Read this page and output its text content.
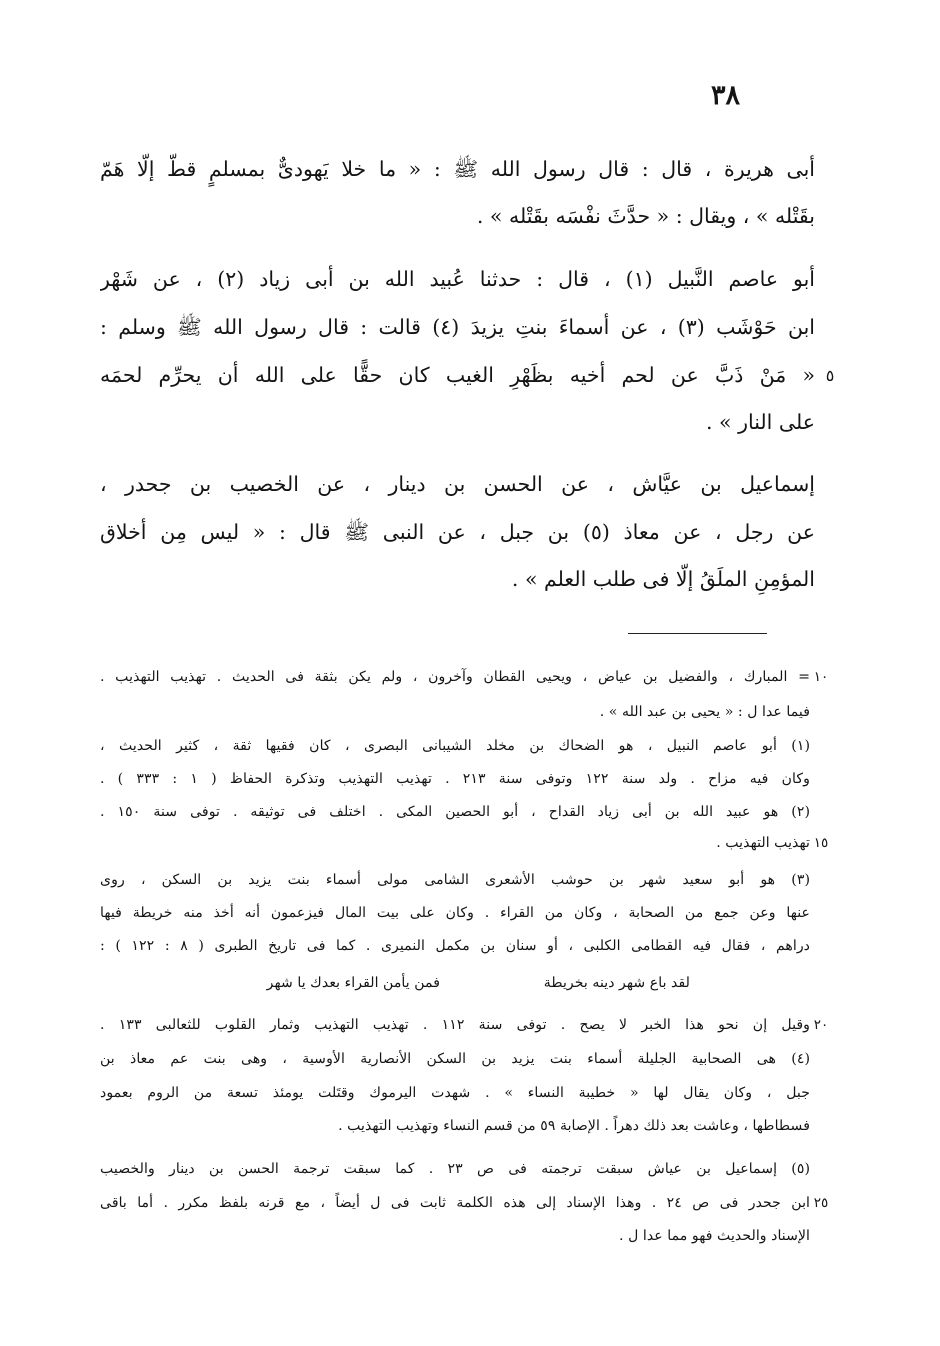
٣٨
أبى هريرة ، قال : قال رسول الله ﷺ : « ما خلا يَهودىٌّ بمسلمٍ قطّ إلّا هَمّ
بقَتْله » ، ويقال : « حدَّثَ نفْسَه بقَتْله » .
أبو عاصم النَّبيل (١) ، قال : حدثنا عُبيد الله بن أبى زياد (٢) ، عن شَهْر
ابن حَوْشَب (٣) ، عن أسماءَ بنتِ يزيدَ (٤) قالت : قال رسول الله ﷺ وسلم :
« مَنْ ذَبَّ عن لحم أخيه بظَهْرِ الغيب كان حقًّا على الله أن يحرِّم لحمَه
على النار » .
إسماعيل بن عيَّاش ، عن الحسن بن دينار ، عن الخصيب بن جحدر ،
عن رجل ، عن معاذ (٥) بن جبل ، عن النبى ﷺ قال : « ليس مِن أخلاق
المؤمِنِ الملَقُ إلّا فى طلب العلم » .
٥
= المبارك ، والفضيل بن عياض ، ويحيى القطان وآخرون ، ولم يكن بثقة فى الحديث . تهذيب التهذيب .
فيما عدا ل : « يحيى بن عبد الله » .
(١) أبو عاصم النبيل ، هو الضحاك بن مخلد الشيبانى البصرى ، كان فقيها ثقة ، كثير الحديث ،
وكان فيه مزاح . ولد سنة ١٢٢ وتوفى سنة ٢١٣ . تهذيب التهذيب وتذكرة الحفاظ ( ١ : ٣٣٣ ) .
(٢) هو عبيد الله بن أبى زياد القداح ، أبو الحصين المكى . اختلف فى توثيقه . توفى سنة ١٥٠ .
تهذيب التهذيب .
(٣) هو أبو سعيد شهر بن حوشب الأشعرى الشامى مولى أسماء بنت يزيد بن السكن ، روى
عنها وعن جمع من الصحابة ، وكان من القراء . وكان على بيت المال فيزعمون أنه أخذ منه خريطة فيها
دراهم ، فقال فيه القطامى الكلبى ، أو سنان بن مكمل النميرى . كما فى تاريخ الطبرى ( ٨ : ١٢٢ ) :
لقد باع شهر دينه بخريطة
فمن يأمن القراء بعدك يا شهر
وقيل إن نحو هذا الخبر لا يصح . توفى سنة ١١٢ . تهذيب التهذيب وثمار القلوب للثعالبى ١٣٣ .
(٤) هى الصحابية الجليلة أسماء بنت يزيد بن السكن الأنصارية الأوسية ، وهى بنت عم معاذ بن
جبل ، وكان يقال لها « خطيبة النساء » . شهدت اليرموك وقتَلت يومئذ تسعة من الروم بعمود
فسطاطها ، وعاشت بعد ذلك دهراً . الإصابة ٥٩ من قسم النساء وتهذيب التهذيب .
(٥) إسماعيل بن عياش سبقت ترجمته فى ص ٢٣ . كما سبقت ترجمة الحسن بن دينار والخصيب
ابن جحدر فى ص ٢٤ . وهذا الإسناد إلى هذه الكلمة ثابت فى ل أيضاً ، مع قرنه بلفظ مكرر . أما باقى
الإسناد والحديث فهو مما عدا ل .
١٠
١٥
٢٠
٢٥
